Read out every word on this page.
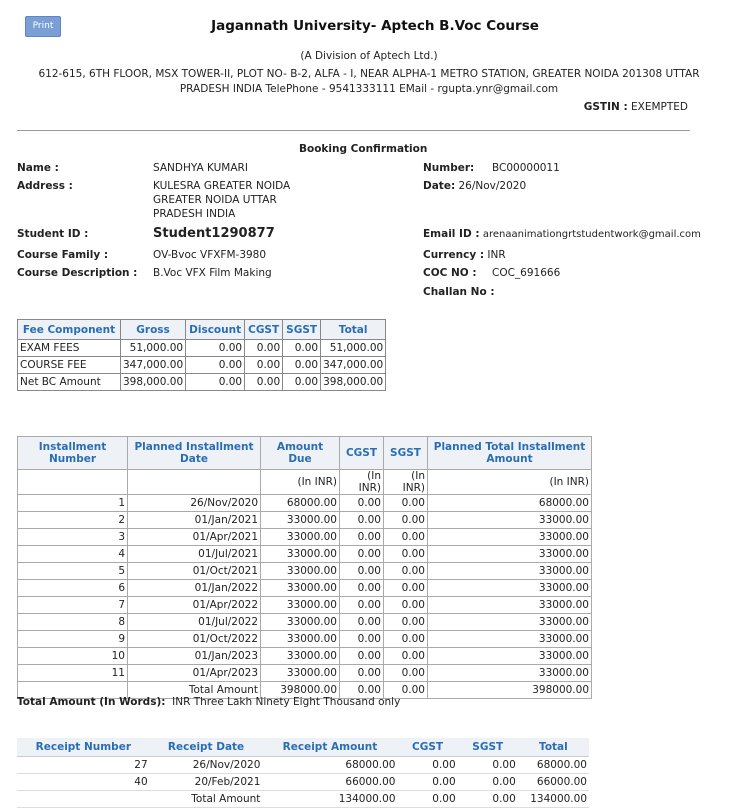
Print	Jagannath University- Aptech B.Voc Course
(A Division of Aptech Ltd.)
612-615, 6TH FLOOR, MSX TOWER-II, PLOT NO- B-2, ALFA - I, NEAR ALPHA-1 METRO STATION, GREATER NOIDA 201308 UTTAR
PRADESH INDIA TelePhone - 9541333111 EMail - rgupta.ynr@gmail.com
GSTIN : EXEMPTED
Booking Confirmation
Name :	SANDHYA KUMARI
Address :	KULESRA GREATER NOIDA
GREATER NOIDA UTTAR
PRADESH INDIA
Student ID :	Student1290877
Course Family :	OV-Bvoc VFXFM-3980
Course Description : B.Voc VFX Film Making
Number: BC00000011
Date: 26/Nov/2020
Email ID : arenaanimationgrtstudentwork@gmail.com
Currency : INR
COC NO : COC_691666
Challan No :
Fee Component	Gross	Discount	CGST	SGST	Total
EXAM FEES	51,000.00	0.00	0.00	0.00	51,000.00
COURSE FEE	347,000.00	0.00	0.00	0.00	347,000.00
Net BC Amount	398,000.00	0.00	0.00	0.00	398,000.00
Installment Number	Planned Installment Date	Amount Due	CGST	SGST	Planned Total Installment Amount
		(In INR)	(In INR)	(In INR)	(In INR)
1	26/Nov/2020	68000.00	0.00	0.00	68000.00
2	01/Jan/2021	33000.00	0.00	0.00	33000.00
3	01/Apr/2021	33000.00	0.00	0.00	33000.00
4	01/Jul/2021	33000.00	0.00	0.00	33000.00
5	01/Oct/2021	33000.00	0.00	0.00	33000.00
6	01/Jan/2022	33000.00	0.00	0.00	33000.00
7	01/Apr/2022	33000.00	0.00	0.00	33000.00
8	01/Jul/2022	33000.00	0.00	0.00	33000.00
9	01/Oct/2022	33000.00	0.00	0.00	33000.00
10	01/Jan/2023	33000.00	0.00	0.00	33000.00
11	01/Apr/2023	33000.00	0.00	0.00	33000.00
	Total Amount	398000.00	0.00	0.00	398000.00
Total Amount (In Words): INR Three Lakh Ninety Eight Thousand only
Receipt Number	Receipt Date	Receipt Amount	CGST	SGST	Total
27	26/Nov/2020	68000.00	0.00	0.00	68000.00
40	20/Feb/2021	66000.00	0.00	0.00	66000.00
	Total Amount	134000.00	0.00	0.00	134000.00
